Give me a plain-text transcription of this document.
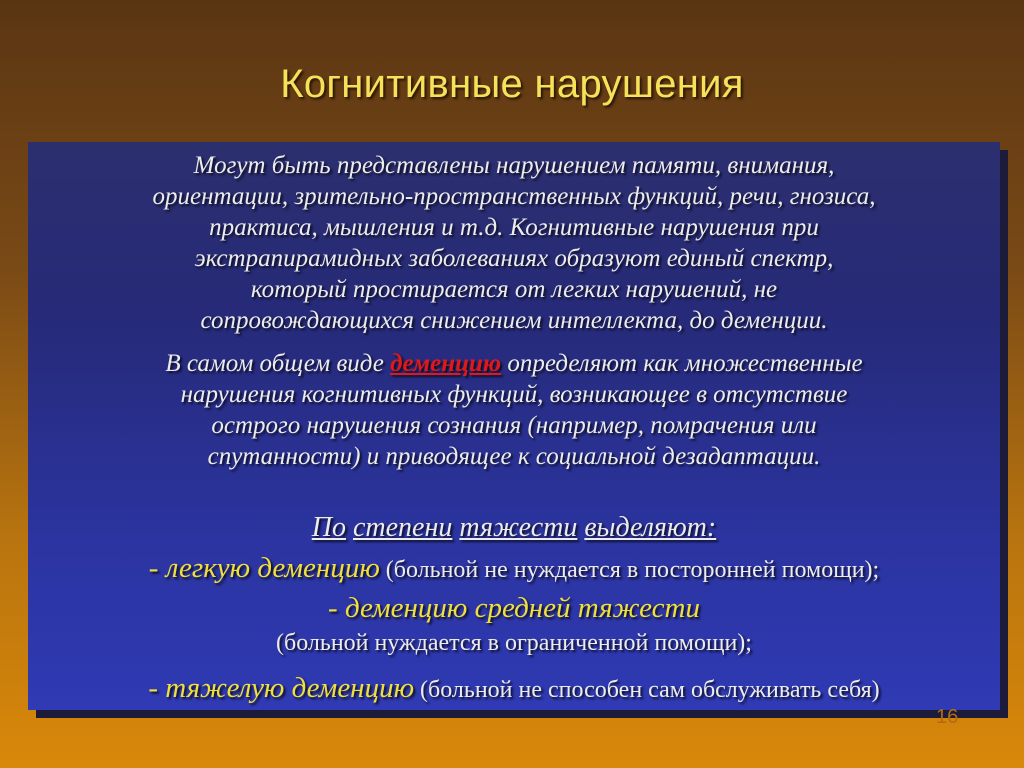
Когнитивные нарушения
Могут быть представлены нарушением памяти, внимания,
ориентации, зрительно-пространственных функций, речи, гнозиса,
практиса, мышления и т.д. Когнитивные нарушения при
экстрапирамидных заболеваниях образуют единый спектр,
который простирается от легких нарушений, не
сопровождающихся снижением интеллекта, до деменции.
В самом общем виде деменцию определяют как множественные
нарушения когнитивных функций, возникающее в отсутствие
острого нарушения сознания (например, помрачения или
спутанности) и приводящее к социальной дезадаптации.
По степени тяжести выделяют:
- легкую деменцию (больной не нуждается в посторонней помощи);
- деменцию средней тяжести
(больной нуждается в ограниченной помощи);
- тяжелую деменцию (больной не способен сам обслуживать себя)
16
